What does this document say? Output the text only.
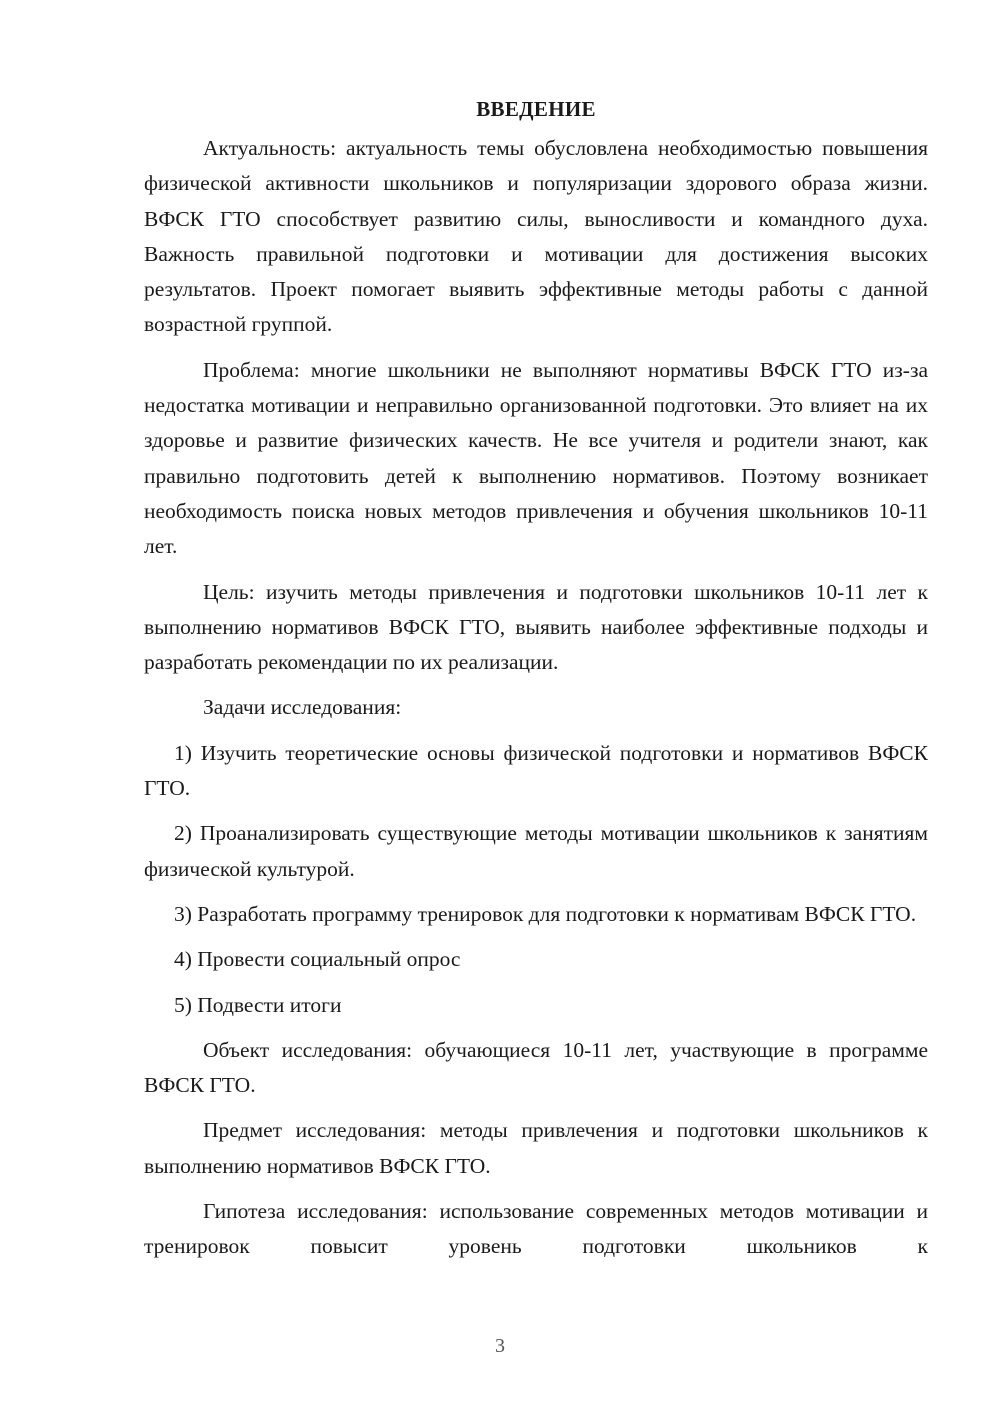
ВВЕДЕНИЕ

Актуальность: актуальность темы обусловлена необходимостью повышения физической активности школьников и популяризации здорового образа жизни. ВФСК ГТО способствует развитию силы, выносливости и командного духа. Важность правильной подготовки и мотивации для достижения высоких результатов. Проект помогает выявить эффективные методы работы с данной возрастной группой.

Проблема: многие школьники не выполняют нормативы ВФСК ГТО из-за недостатка мотивации и неправильно организованной подготовки. Это влияет на их здоровье и развитие физических качеств. Не все учителя и родители знают, как правильно подготовить детей к выполнению нормативов. Поэтому возникает необходимость поиска новых методов привлечения и обучения школьников 10-11 лет.

Цель: изучить методы привлечения и подготовки школьников 10-11 лет к выполнению нормативов ВФСК ГТО, выявить наиболее эффективные подходы и разработать рекомендации по их реализации.

Задачи исследования:

1) Изучить теоретические основы физической подготовки и нормативов ВФСК ГТО.

2) Проанализировать существующие методы мотивации школьников к занятиям физической культурой.

3) Разработать программу тренировок для подготовки к нормативам ВФСК ГТО.

4) Провести социальный опрос

5) Подвести итоги

Объект исследования: обучающиеся 10-11 лет, участвующие в программе ВФСК ГТО.

Предмет исследования: методы привлечения и подготовки школьников к выполнению нормативов ВФСК ГТО.

Гипотеза исследования: использование современных методов мотивации и тренировок повысит уровень подготовки школьников к

3
